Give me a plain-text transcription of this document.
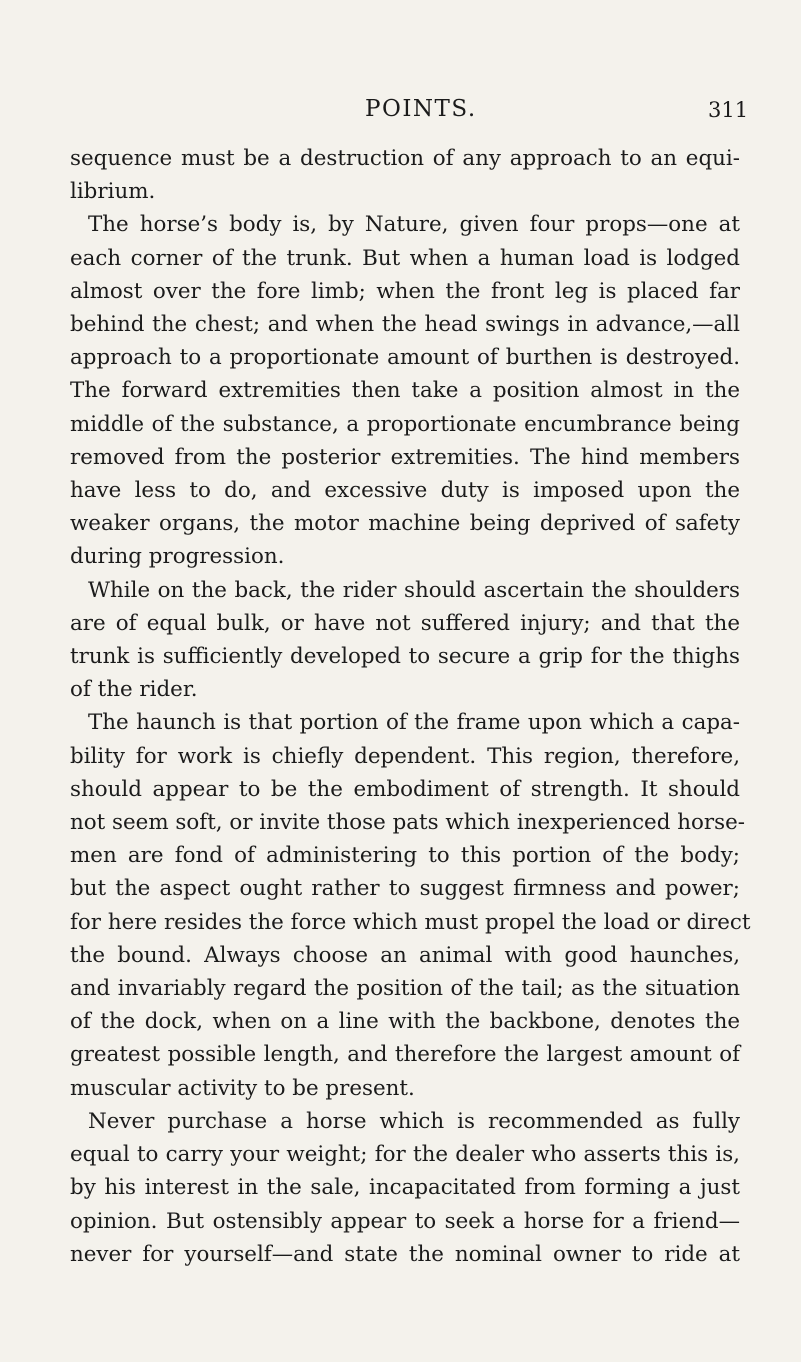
POINTS.	311

sequence must be a destruction of any approach to an equi-
librium.

The horse’s body is, by Nature, given four props—one at
each corner of the trunk. But when a human load is lodged
almost over the fore limb; when the front leg is placed far
behind the chest; and when the head swings in advance,—all
approach to a proportionate amount of burthen is destroyed.
The forward extremities then take a position almost in the
middle of the substance, a proportionate encumbrance being
removed from the posterior extremities. The hind members
have less to do, and excessive duty is imposed upon the
weaker organs, the motor machine being deprived of safety
during progression.

While on the back, the rider should ascertain the shoulders
are of equal bulk, or have not suffered injury; and that the
trunk is sufficiently developed to secure a grip for the thighs
of the rider.

The haunch is that portion of the frame upon which a capa-
bility for work is chiefly dependent. This region, therefore,
should appear to be the embodiment of strength. It should
not seem soft, or invite those pats which inexperienced horse-
men are fond of administering to this portion of the body;
but the aspect ought rather to suggest firmness and power;
for here resides the force which must propel the load or direct
the bound. Always choose an animal with good haunches,
and invariably regard the position of the tail; as the situation
of the dock, when on a line with the backbone, denotes the
greatest possible length, and therefore the largest amount of
muscular activity to be present.

Never purchase a horse which is recommended as fully
equal to carry your weight; for the dealer who asserts this is,
by his interest in the sale, incapacitated from forming a just
opinion. But ostensibly appear to seek a horse for a friend—
never for yourself—and state the nominal owner to ride at
